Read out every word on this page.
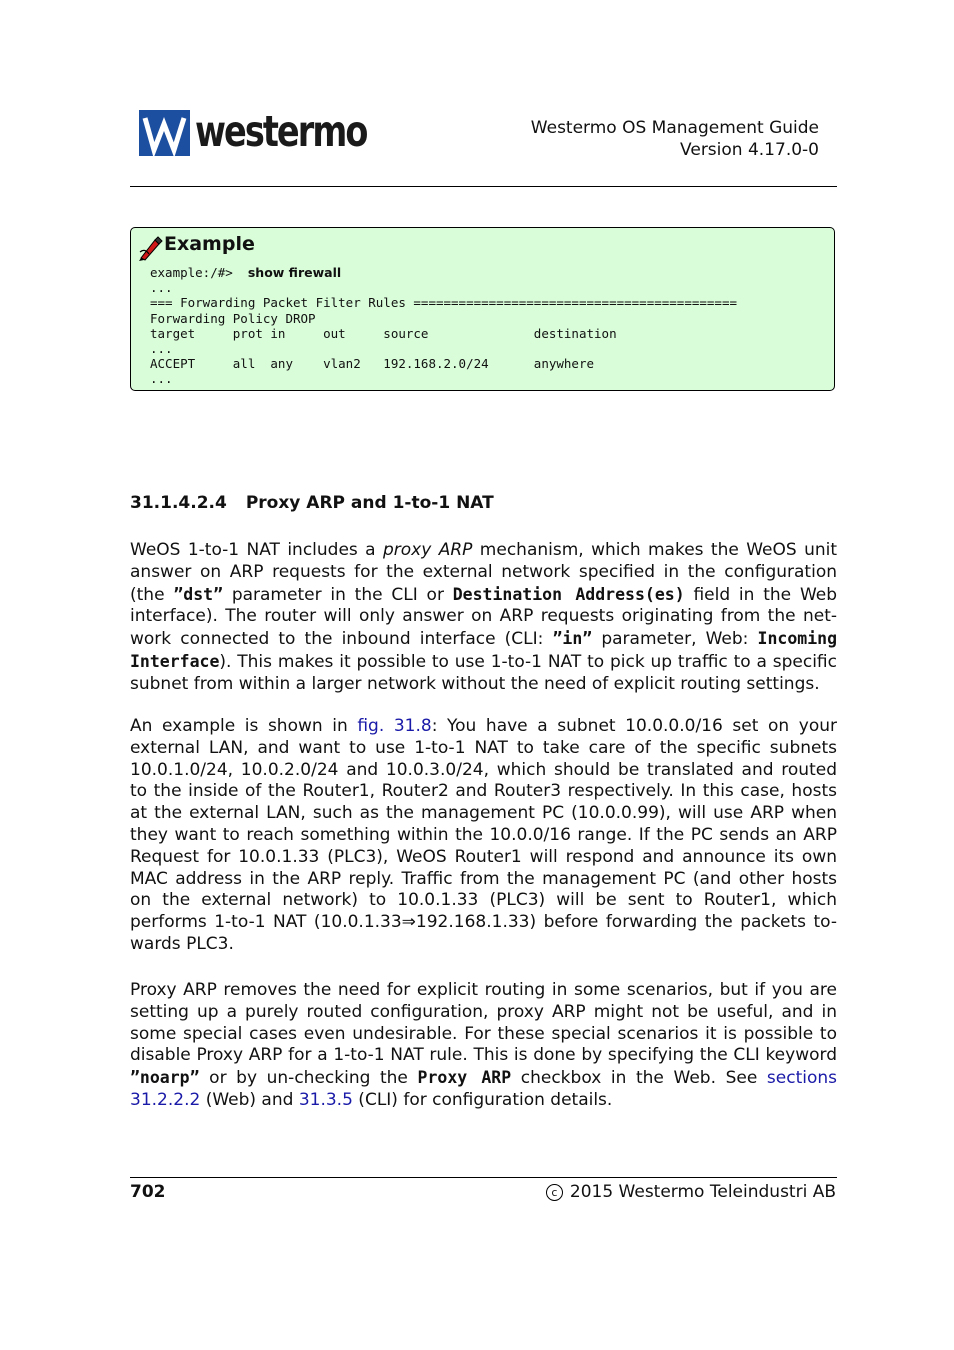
westermo	Westermo OS Management Guide
Version 4.17.0-0
Example
example:/#> show firewall
...
=== Forwarding Packet Filter Rules ===========================================
Forwarding Policy DROP
target     prot in     out     source              destination
...
ACCEPT     all  any    vlan2   192.168.2.0/24      anywhere
...
31.1.4.2.4 Proxy ARP and 1-to-1 NAT
WeOS 1-to-1 NAT includes a proxy ARP mechanism, which makes the WeOS unit answer on ARP requests for the external network specified in the configuration (the ”dst” parameter in the CLI or Destination Address(es) field in the Web interface). The router will only answer on ARP requests originating from the net- work connected to the inbound interface (CLI: ”in” parameter, Web: Incoming Interface). This makes it possible to use 1-to-1 NAT to pick up traffic to a specific subnet from within a larger network without the need of explicit routing settings.
An example is shown in fig. 31.8: You have a subnet 10.0.0.0/16 set on your external LAN, and want to use 1-to-1 NAT to take care of the specific subnets 10.0.1.0/24, 10.0.2.0/24 and 10.0.3.0/24, which should be translated and routed to the inside of the Router1, Router2 and Router3 respectively. In this case, hosts at the external LAN, such as the management PC (10.0.0.99), will use ARP when they want to reach something within the 10.0.0/16 range. If the PC sends an ARP Request for 10.0.1.33 (PLC3), WeOS Router1 will respond and announce its own MAC address in the ARP reply. Traffic from the management PC (and other hosts on the external network) to 10.0.1.33 (PLC3) will be sent to Router1, which performs 1-to-1 NAT (10.0.1.33⇒192.168.1.33) before forwarding the packets to- wards PLC3.
Proxy ARP removes the need for explicit routing in some scenarios, but if you are setting up a purely routed configuration, proxy ARP might not be useful, and in some special cases even undesirable. For these special scenarios it is possible to disable Proxy ARP for a 1-to-1 NAT rule. This is done by specifying the CLI keyword ”noarp” or by un-checking the Proxy ARP checkbox in the Web. See sections 31.2.2.2 (Web) and 31.3.5 (CLI) for configuration details.
702	c 2015 Westermo Teleindustri AB
